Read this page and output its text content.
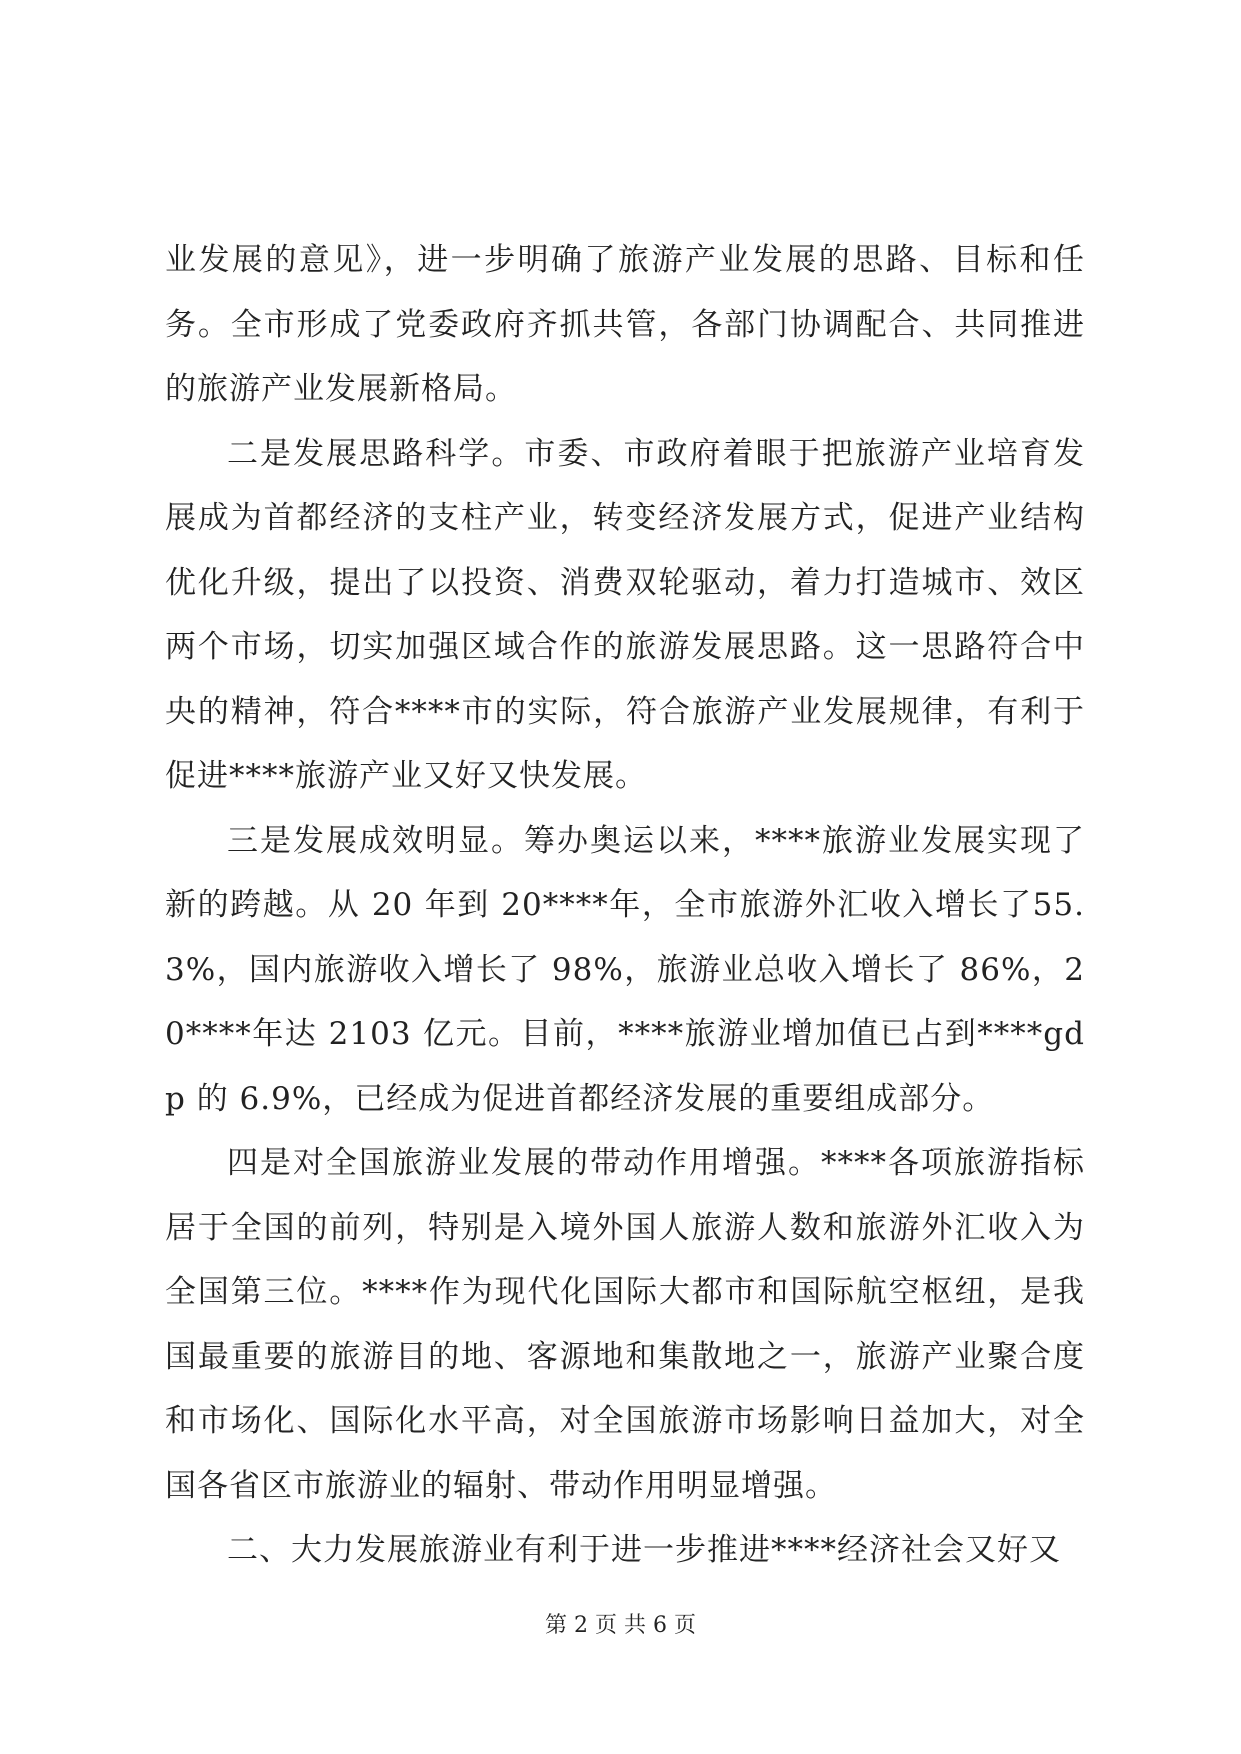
业发展的意见》，进一步明确了旅游产业发展的思路、目标和任务。全市形成了党委政府齐抓共管，各部门协调配合、共同推进的旅游产业发展新格局。

二是发展思路科学。市委、市政府着眼于把旅游产业培育发展成为首都经济的支柱产业，转变经济发展方式，促进产业结构优化升级，提出了以投资、消费双轮驱动，着力打造城市、效区两个市场，切实加强区域合作的旅游发展思路。这一思路符合中央的精神，符合****市的实际，符合旅游产业发展规律，有利于促进****旅游产业又好又快发展。

三是发展成效明显。筹办奥运以来，****旅游业发展实现了新的跨越。从 20 年到 20****年，全市旅游外汇收入增长了55.3%，国内旅游收入增长了 98%，旅游业总收入增长了 86%，20****年达 2103 亿元。目前，****旅游业增加值已占到****gdp 的 6.9%，已经成为促进首都经济发展的重要组成部分。

四是对全国旅游业发展的带动作用增强。****各项旅游指标居于全国的前列，特别是入境外国人旅游人数和旅游外汇收入为全国第三位。****作为现代化国际大都市和国际航空枢纽，是我国最重要的旅游目的地、客源地和集散地之一，旅游产业聚合度和市场化、国际化水平高，对全国旅游市场影响日益加大，对全国各省区市旅游业的辐射、带动作用明显增强。

二、大力发展旅游业有利于进一步推进****经济社会又好又

第 2 页 共 6 页
